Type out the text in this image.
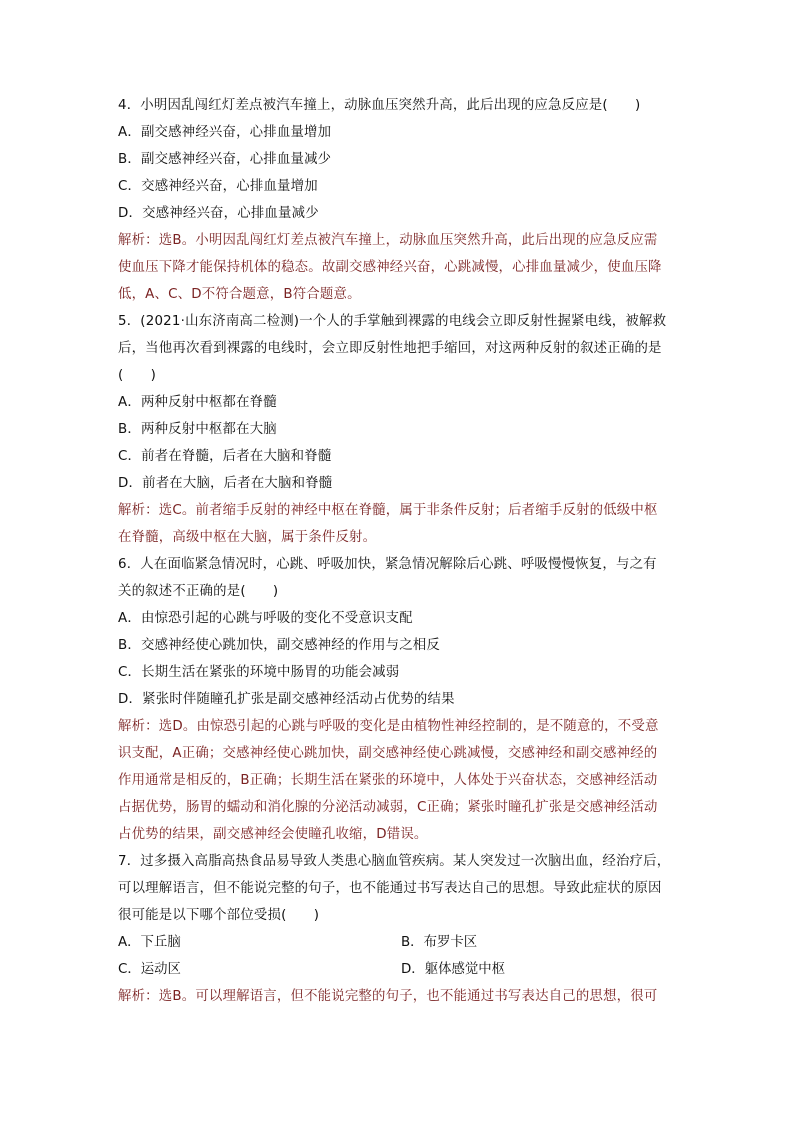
4．小明因乱闯红灯差点被汽车撞上，动脉血压突然升高，此后出现的应急反应是(　　)
A．副交感神经兴奋，心排血量增加
B．副交感神经兴奋，心排血量减少
C．交感神经兴奋，心排血量增加
D．交感神经兴奋，心排血量减少
解析：选B。小明因乱闯红灯差点被汽车撞上，动脉血压突然升高，此后出现的应急反应需
使血压下降才能保持机体的稳态。故副交感神经兴奋，心跳减慢，心排血量减少，使血压降
低，A、C、D不符合题意，B符合题意。
5．(2021·山东济南高二检测)一个人的手掌触到裸露的电线会立即反射性握紧电线，被解救
后，当他再次看到裸露的电线时，会立即反射性地把手缩回，对这两种反射的叙述正确的是
(　　)
A．两种反射中枢都在脊髓
B．两种反射中枢都在大脑
C．前者在脊髓，后者在大脑和脊髓
D．前者在大脑，后者在大脑和脊髓
解析：选C。前者缩手反射的神经中枢在脊髓，属于非条件反射；后者缩手反射的低级中枢
在脊髓，高级中枢在大脑，属于条件反射。
6．人在面临紧急情况时，心跳、呼吸加快，紧急情况解除后心跳、呼吸慢慢恢复，与之有
关的叙述不正确的是(　　)
A．由惊恐引起的心跳与呼吸的变化不受意识支配
B．交感神经使心跳加快，副交感神经的作用与之相反
C．长期生活在紧张的环境中肠胃的功能会减弱
D．紧张时伴随瞳孔扩张是副交感神经活动占优势的结果
解析：选D。由惊恐引起的心跳与呼吸的变化是由植物性神经控制的，是不随意的，不受意
识支配，A正确；交感神经使心跳加快，副交感神经使心跳减慢，交感神经和副交感神经的
作用通常是相反的，B正确；长期生活在紧张的环境中，人体处于兴奋状态，交感神经活动
占据优势，肠胃的蠕动和消化腺的分泌活动减弱，C正确；紧张时瞳孔扩张是交感神经活动
占优势的结果，副交感神经会使瞳孔收缩，D错误。
7．过多摄入高脂高热食品易导致人类患心脑血管疾病。某人突发过一次脑出血，经治疗后，
可以理解语言，但不能说完整的句子，也不能通过书写表达自己的思想。导致此症状的原因
很可能是以下哪个部位受损(　　)
A．下丘脑	B．布罗卡区
C．运动区	D．躯体感觉中枢
解析：选B。可以理解语言，但不能说完整的句子，也不能通过书写表达自己的思想，很可
